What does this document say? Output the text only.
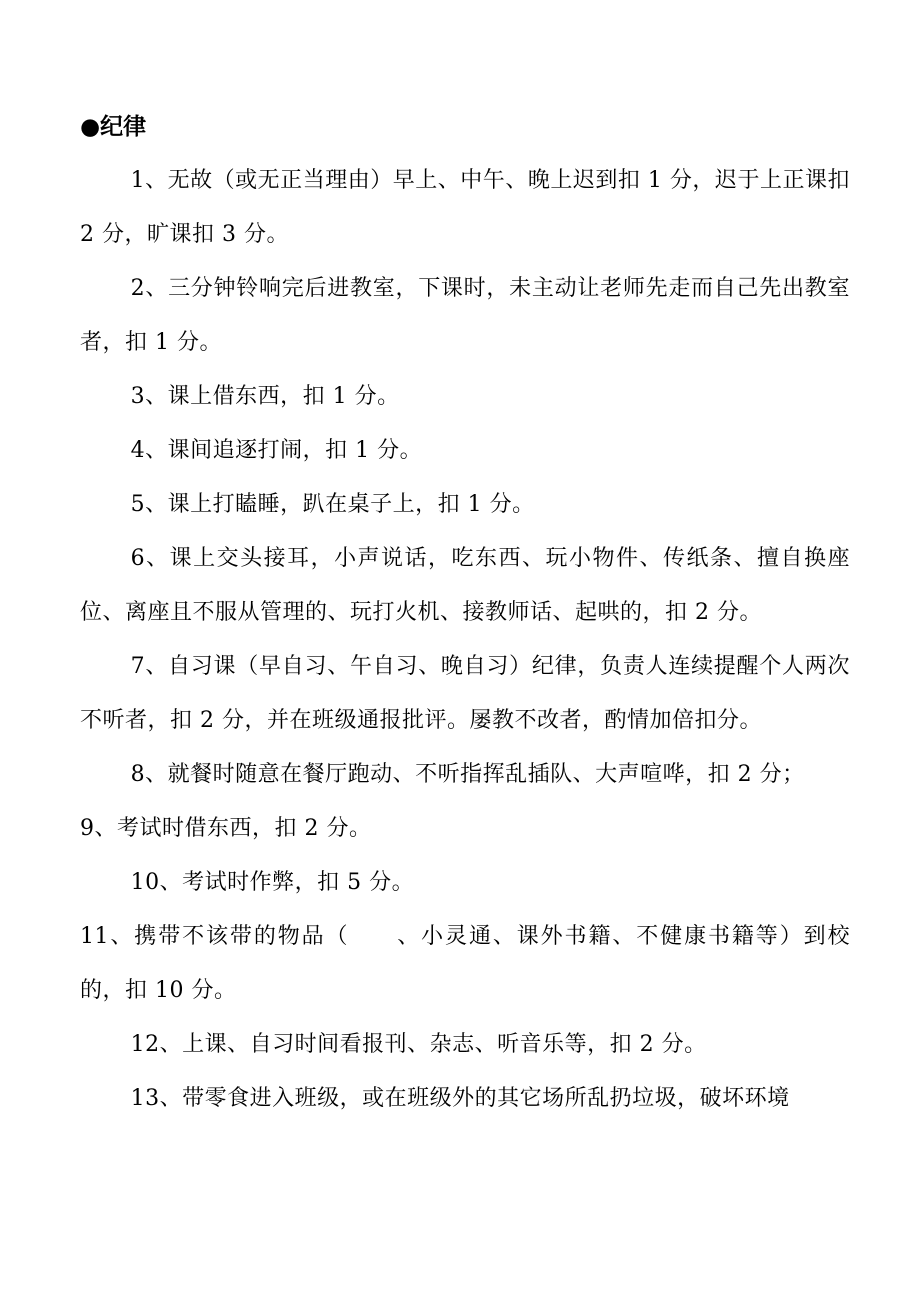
●纪律

1、无故（或无正当理由）早上、中午、晚上迟到扣 1 分，迟于上正课扣 2 分，旷课扣 3 分。

2、三分钟铃响完后进教室，下课时，未主动让老师先走而自己先出教室者，扣 1 分。

3、课上借东西，扣 1 分。

4、课间追逐打闹，扣 1 分。

5、课上打瞌睡，趴在桌子上，扣 1 分。

6、课上交头接耳，小声说话，吃东西、玩小物件、传纸条、擅自换座位、离座且不服从管理的、玩打火机、接教师话、起哄的，扣 2 分。

7、自习课（早自习、午自习、晚自习）纪律，负责人连续提醒个人两次不听者，扣 2 分，并在班级通报批评。屡教不改者，酌情加倍扣分。

8、就餐时随意在餐厅跑动、不听指挥乱插队、大声喧哗，扣 2 分；

9、考试时借东西，扣 2 分。

10、考试时作弊，扣 5 分。

11、携带不该带的物品（　　、小灵通、课外书籍、不健康书籍等）到校的，扣 10 分。

12、上课、自习时间看报刊、杂志、听音乐等，扣 2 分。

13、带零食进入班级，或在班级外的其它场所乱扔垃圾，破坏环境
